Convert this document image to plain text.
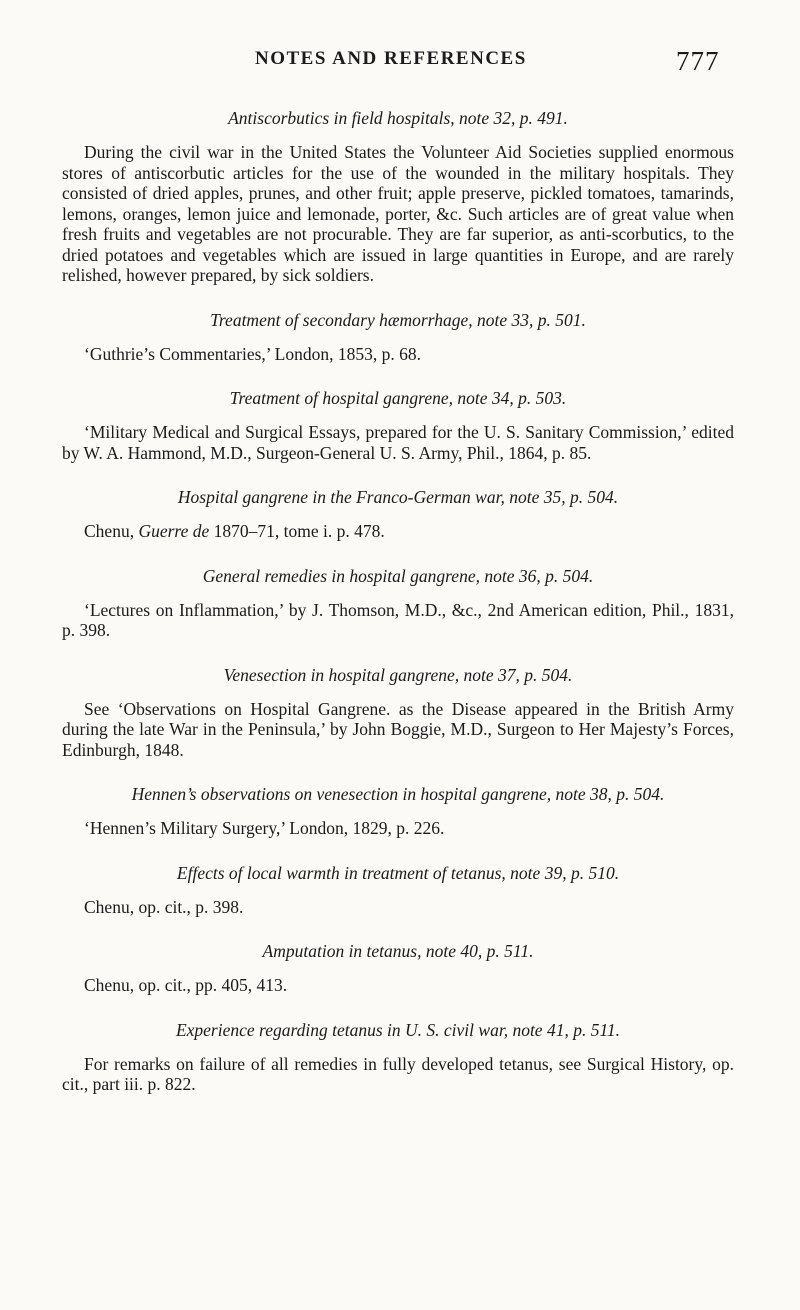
NOTES AND REFERENCES	777
Antiscorbutics in field hospitals, note 32, p. 491.

During the civil war in the United States the Volunteer Aid Societies supplied enormous stores of antiscorbutic articles for the use of the wounded in the military hospitals. They consisted of dried apples, prunes, and other fruit; apple preserve, pickled tomatoes, tamarinds, lemons, oranges, lemon juice and lemonade, porter, &c. Such articles are of great value when fresh fruits and vegetables are not procurable. They are far superior, as anti-scorbutics, to the dried potatoes and vegetables which are issued in large quantities in Europe, and are rarely relished, however prepared, by sick soldiers.

Treatment of secondary hæmorrhage, note 33, p. 501.

‘Guthrie’s Commentaries,’ London, 1853, p. 68.

Treatment of hospital gangrene, note 34, p. 503.

‘Military Medical and Surgical Essays, prepared for the U. S. Sanitary Commission,’ edited by W. A. Hammond, M.D., Surgeon-General U. S. Army, Phil., 1864, p. 85.

Hospital gangrene in the Franco-German war, note 35, p. 504.

Chenu, Guerre de 1870–71, tome i. p. 478.

General remedies in hospital gangrene, note 36, p. 504.

‘Lectures on Inflammation,’ by J. Thomson, M.D., &c., 2nd American edition, Phil., 1831, p. 398.

Venesection in hospital gangrene, note 37, p. 504.

See ‘Observations on Hospital Gangrene. as the Disease appeared in the British Army during the late War in the Peninsula,’ by John Boggie, M.D., Surgeon to Her Majesty’s Forces, Edinburgh, 1848.

Hennen’s observations on venesection in hospital gangrene, note 38, p. 504.

‘Hennen’s Military Surgery,’ London, 1829, p. 226.

Effects of local warmth in treatment of tetanus, note 39, p. 510.

Chenu, op. cit., p. 398.

Amputation in tetanus, note 40, p. 511.

Chenu, op. cit., pp. 405, 413.

Experience regarding tetanus in U. S. civil war, note 41, p. 511.

For remarks on failure of all remedies in fully developed tetanus, see Surgical History, op. cit., part iii. p. 822.
